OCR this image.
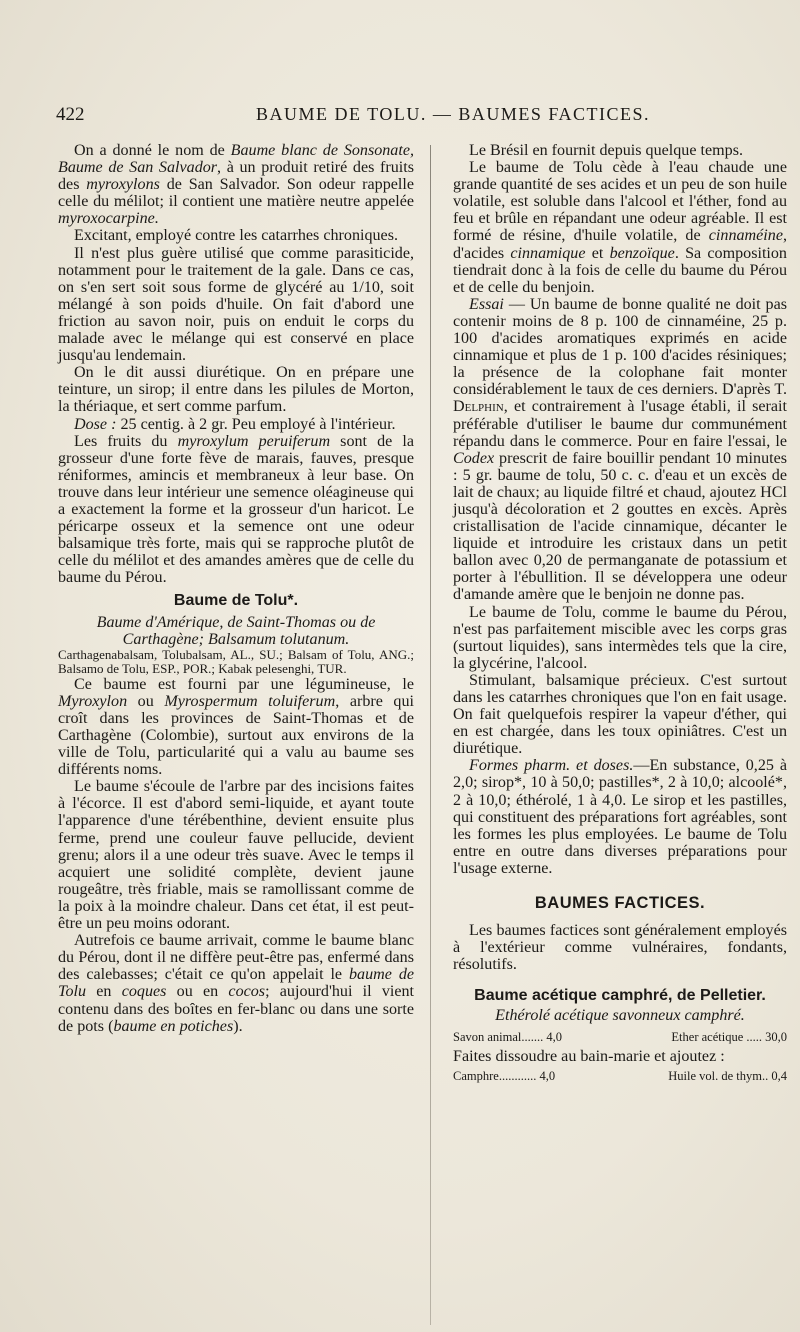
422	BAUME DE TOLU. — BAUMES FACTICES.

On a donné le nom de Baume blanc de Sonsonate, Baume de San Salvador, à un produit retiré des fruits des myroxylons de San Salvador. Son odeur rappelle celle du mélilot; il contient une matière neutre appelée myroxocarpine.

Excitant, employé contre les catarrhes chroniques.

Il n'est plus guère utilisé que comme parasiticide, notamment pour le traitement de la gale. Dans ce cas, on s'en sert soit sous forme de glycéré au 1/10, soit mélangé à son poids d'huile. On fait d'abord une friction au savon noir, puis on enduit le corps du malade avec le mélange qui est conservé en place jusqu'au lendemain.

On le dit aussi diurétique. On en prépare une teinture, un sirop; il entre dans les pilules de Morton, la thériaque, et sert comme parfum.

Dose : 25 centig. à 2 gr. Peu employé à l'intérieur.

Les fruits du myroxylum peruiferum sont de la grosseur d'une forte fève de marais, fauves, presque réniformes, amincis et membraneux à leur base. On trouve dans leur intérieur une semence oléagineuse qui a exactement la forme et la grosseur d'un haricot. Le péricarpe osseux et la semence ont une odeur balsamique très forte, mais qui se rapproche plutôt de celle du mélilot et des amandes amères que de celle du baume du Pérou.

Baume de Tolu*.

Baume d'Amérique, de Saint-Thomas ou de Carthagène; Balsamum tolutanum.

Carthagenabalsam, Tolubalsam, AL., SU.; Balsam of Tolu, ANG.; Balsamo de Tolu, ESP., POR.; Kabak pelesenghi, TUR.

Ce baume est fourni par une légumineuse, le Myroxylon ou Myrospermum toluiferum, arbre qui croît dans les provinces de Saint-Thomas et de Carthagène (Colombie), surtout aux environs de la ville de Tolu, particularité qui a valu au baume ses différents noms.

Le baume s'écoule de l'arbre par des incisions faites à l'écorce. Il est d'abord semi-liquide, et ayant toute l'apparence d'une térébenthine, devient ensuite plus ferme, prend une couleur fauve pellucide, devient grenu; alors il a une odeur très suave. Avec le temps il acquiert une solidité complète, devient jaune rougeâtre, très friable, mais se ramollissant comme de la poix à la moindre chaleur. Dans cet état, il est peut-être un peu moins odorant.

Autrefois ce baume arrivait, comme le baume blanc du Pérou, dont il ne diffère peut-être pas, enfermé dans des calebasses; c'était ce qu'on appelait le baume de Tolu en coques ou en cocos; aujourd'hui il vient contenu dans des boîtes en fer-blanc ou dans une sorte de pots (baume en potiches).

Le Brésil en fournit depuis quelque temps.

Le baume de Tolu cède à l'eau chaude une grande quantité de ses acides et un peu de son huile volatile, est soluble dans l'alcool et l'éther, fond au feu et brûle en répandant une odeur agréable. Il est formé de résine, d'huile volatile, de cinnaméine, d'acides cinnamique et benzoïque. Sa composition tiendrait donc à la fois de celle du baume du Pérou et de celle du benjoin.

Essai — Un baume de bonne qualité ne doit pas contenir moins de 8 p. 100 de cinnaméine, 25 p. 100 d'acides aromatiques exprimés en acide cinnamique et plus de 1 p. 100 d'acides résiniques; la présence de la colophane fait monter considérablement le taux de ces derniers. D'après T. Delphin, et contrairement à l'usage établi, il serait préférable d'utiliser le baume dur communément répandu dans le commerce. Pour en faire l'essai, le Codex prescrit de faire bouillir pendant 10 minutes : 5 gr. baume de tolu, 50 c. c. d'eau et un excès de lait de chaux; au liquide filtré et chaud, ajoutez HCl jusqu'à décoloration et 2 gouttes en excès. Après cristallisation de l'acide cinnamique, décanter le liquide et introduire les cristaux dans un petit ballon avec 0,20 de permanganate de potassium et porter à l'ébullition. Il se développera une odeur d'amande amère que le benjoin ne donne pas.

Le baume de Tolu, comme le baume du Pérou, n'est pas parfaitement miscible avec les corps gras (surtout liquides), sans intermèdes tels que la cire, la glycérine, l'alcool.

Stimulant, balsamique précieux. C'est surtout dans les catarrhes chroniques que l'on en fait usage. On fait quelquefois respirer la vapeur d'éther, qui en est chargée, dans les toux opiniâtres. C'est un diurétique.

Formes pharm. et doses.—En substance, 0,25 à 2,0; sirop*, 10 à 50,0; pastilles*, 2 à 10,0; alcoolé*, 2 à 10,0; éthérolé, 1 à 4,0. Le sirop et les pastilles, qui constituent des préparations fort agréables, sont les formes les plus employées. Le baume de Tolu entre en outre dans diverses préparations pour l'usage externe.

BAUMES FACTICES.

Les baumes factices sont généralement employés à l'extérieur comme vulnéraires, fondants, résolutifs.

Baume acétique camphré, de Pelletier.
Ethérolé acétique savonneux camphré.
Savon animal....... 4,0	Ether acétique ..... 30,0

Faites dissoudre au bain-marie et ajoutez :

Camphre............ 4,0	Huile vol. de thym.. 0,4
